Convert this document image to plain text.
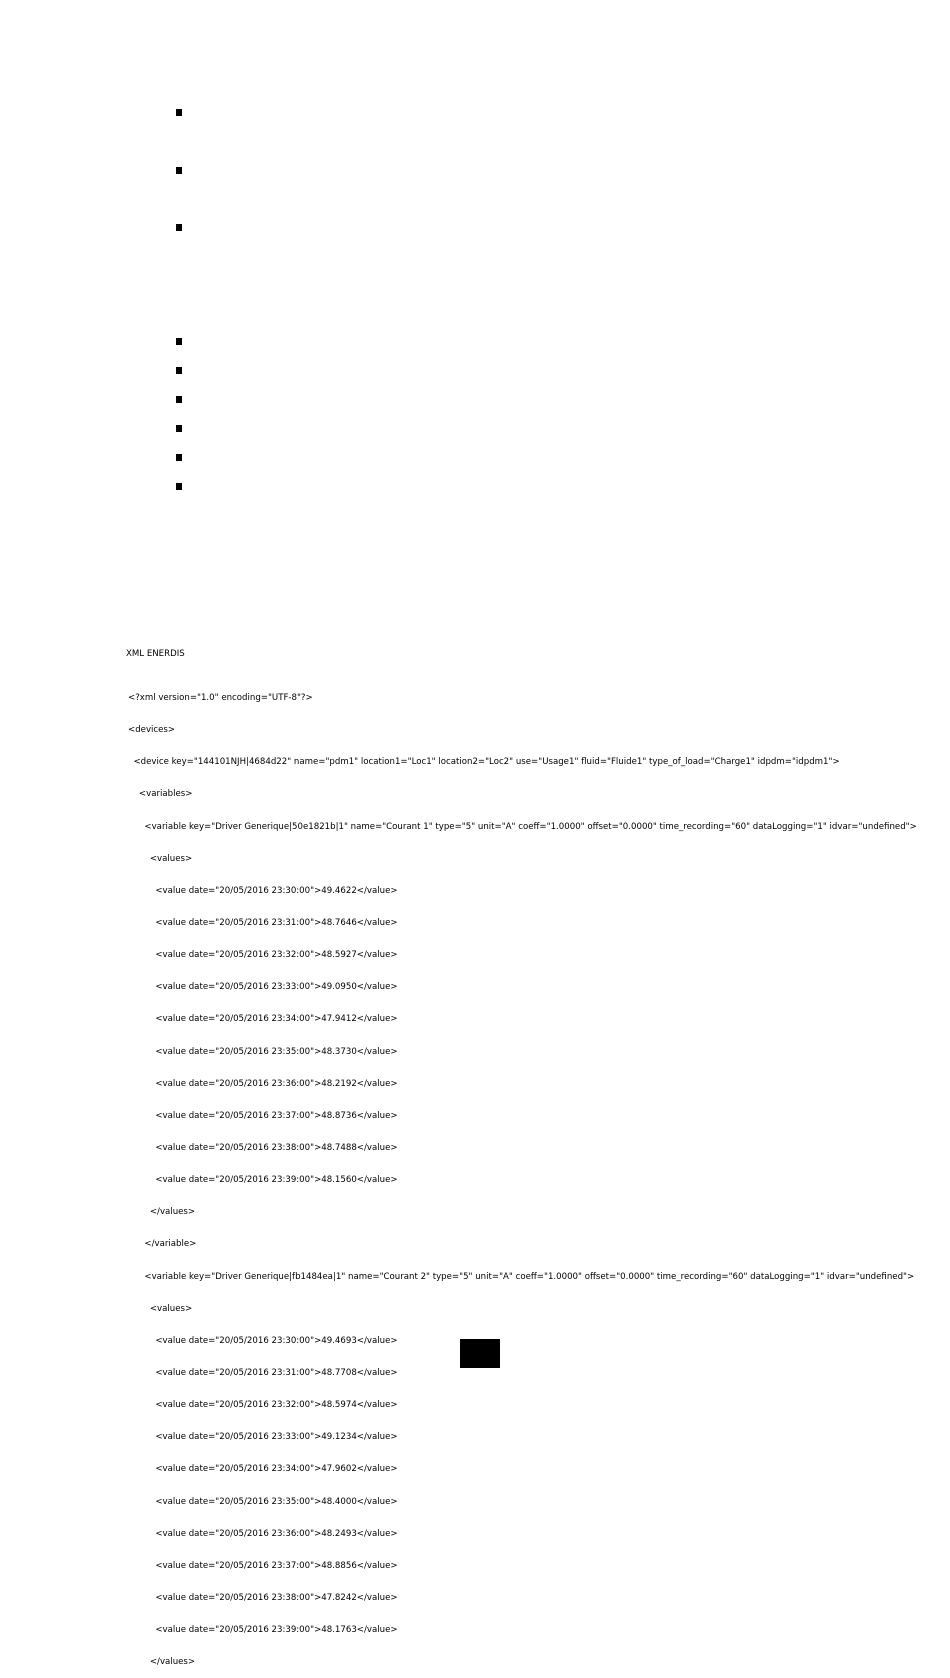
XML ENERDIS

<?xml version="1.0" encoding="UTF-8"?>

<devices>

<device key="144101NJH|4684d22" name="pdm1" location1="Loc1" location2="Loc2" use="Usage1" fluid="Fluide1" type_of_load="Charge1" idpdm="idpdm1">

<variables>

<variable key="Driver Generique|50e1821b|1" name="Courant 1" type="5" unit="A" coeff="1.0000" offset="0.0000" time_recording="60" dataLogging="1" idvar="undefined">

<values>

<value date="20/05/2016 23:30:00">49.4622</value>

<value date="20/05/2016 23:31:00">48.7646</value>

<value date="20/05/2016 23:32:00">48.5927</value>

<value date="20/05/2016 23:33:00">49.0950</value>

<value date="20/05/2016 23:34:00">47.9412</value>

<value date="20/05/2016 23:35:00">48.3730</value>

<value date="20/05/2016 23:36:00">48.2192</value>

<value date="20/05/2016 23:37:00">48.8736</value>

<value date="20/05/2016 23:38:00">48.7488</value>

<value date="20/05/2016 23:39:00">48.1560</value>

</values>

</variable>

<variable key="Driver Generique|fb1484ea|1" name="Courant 2" type="5" unit="A" coeff="1.0000" offset="0.0000" time_recording="60" dataLogging="1" idvar="undefined">

<values>

<value date="20/05/2016 23:30:00">49.4693</value>

<value date="20/05/2016 23:31:00">48.7708</value>

<value date="20/05/2016 23:32:00">48.5974</value>

<value date="20/05/2016 23:33:00">49.1234</value>

<value date="20/05/2016 23:34:00">47.9602</value>

<value date="20/05/2016 23:35:00">48.4000</value>

<value date="20/05/2016 23:36:00">48.2493</value>

<value date="20/05/2016 23:37:00">48.8856</value>

<value date="20/05/2016 23:38:00">47.8242</value>

<value date="20/05/2016 23:39:00">48.1763</value>

</values>
